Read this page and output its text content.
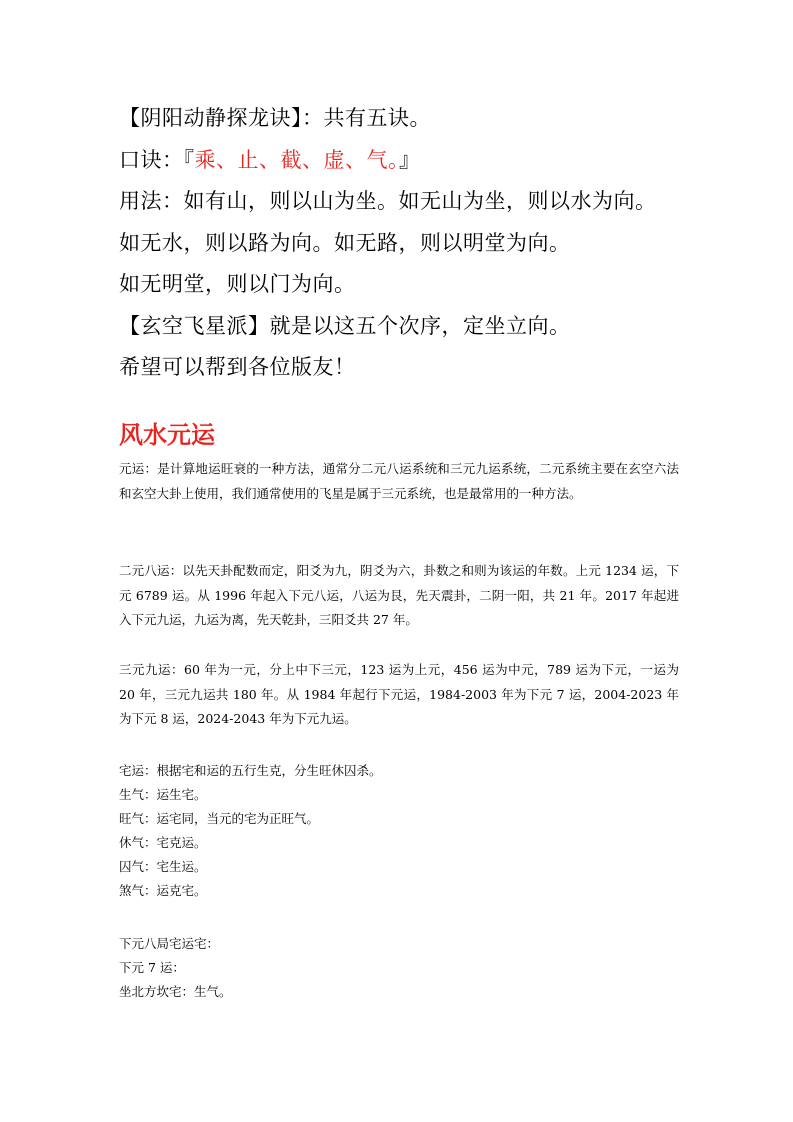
【阴阳动静探龙诀】：共有五诀。
口诀：『乘、止、截、虚、气。』
用法：如有山，则以山为坐。如无山为坐，则以水为向。
如无水，则以路为向。如无路，则以明堂为向。
如无明堂，则以门为向。
【玄空飞星派】就是以这五个次序，定坐立向。
希望可以帮到各位版友！
风水元运
元运：是计算地运旺衰的一种方法，通常分二元八运系统和三元九运系统，二元系统主要在玄空六法和玄空大卦上使用，我们通常使用的飞星是属于三元系统，也是最常用的一种方法。
二元八运：以先天卦配数而定，阳爻为九，阴爻为六，卦数之和则为该运的年数。上元 1234 运，下元 6789 运。从 1996 年起入下元八运，八运为艮，先天震卦，二阴一阳，共 21 年。2017 年起进入下元九运，九运为离，先天乾卦，三阳爻共 27 年。
三元九运：60 年为一元，分上中下三元，123 运为上元，456 运为中元，789 运为下元，一运为 20 年，三元九运共 180 年。从 1984 年起行下元运，1984-2003 年为下元 7 运，2004-2023 年为下元 8 运，2024-2043 年为下元九运。
宅运：根据宅和运的五行生克，分生旺休囚杀。
生气：运生宅。
旺气：运宅同，当元的宅为正旺气。
休气：宅克运。
囚气：宅生运。
煞气：运克宅。
下元八局宅运宅：
下元 7 运：
坐北方坎宅：生气。
